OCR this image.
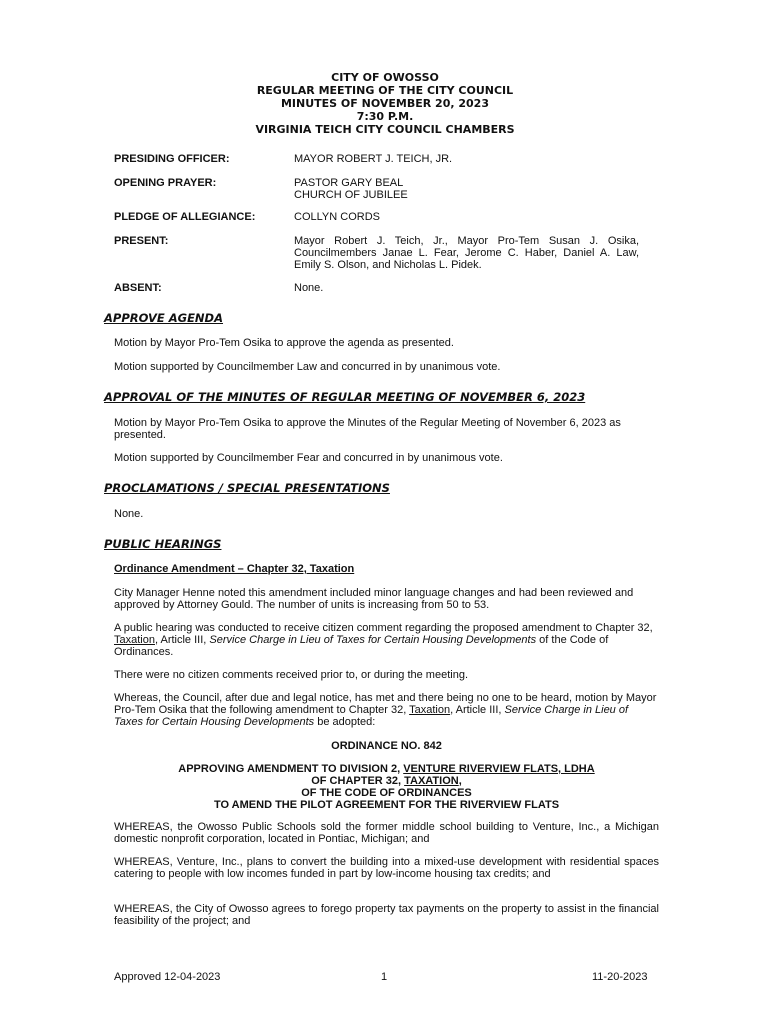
CITY OF OWOSSO
REGULAR MEETING OF THE CITY COUNCIL
MINUTES OF NOVEMBER 20, 2023
7:30 P.M.
VIRGINIA TEICH CITY COUNCIL CHAMBERS
PRESIDING OFFICER:	MAYOR ROBERT J. TEICH, JR.
OPENING PRAYER:	PASTOR GARY BEAL
CHURCH OF JUBILEE
PLEDGE OF ALLEGIANCE:	COLLYN CORDS
PRESENT:	Mayor Robert J. Teich, Jr., Mayor Pro-Tem Susan J. Osika, Councilmembers Janae L. Fear, Jerome C. Haber, Daniel A. Law, Emily S. Olson, and Nicholas L. Pidek.
ABSENT:	None.
APPROVE AGENDA
Motion by Mayor Pro-Tem Osika to approve the agenda as presented.
Motion supported by Councilmember Law and concurred in by unanimous vote.
APPROVAL OF THE MINUTES OF REGULAR MEETING OF NOVEMBER 6, 2023
Motion by Mayor Pro-Tem Osika to approve the Minutes of the Regular Meeting of November 6, 2023 as presented.
Motion supported by Councilmember Fear and concurred in by unanimous vote.
PROCLAMATIONS / SPECIAL PRESENTATIONS
None.
PUBLIC HEARINGS
Ordinance Amendment – Chapter 32, Taxation
City Manager Henne noted this amendment included minor language changes and had been reviewed and approved by Attorney Gould. The number of units is increasing from 50 to 53.
A public hearing was conducted to receive citizen comment regarding the proposed amendment to Chapter 32, Taxation, Article III, Service Charge in Lieu of Taxes for Certain Housing Developments of the Code of Ordinances.
There were no citizen comments received prior to, or during the meeting.
Whereas, the Council, after due and legal notice, has met and there being no one to be heard, motion by Mayor Pro-Tem Osika that the following amendment to Chapter 32, Taxation, Article III, Service Charge in Lieu of Taxes for Certain Housing Developments be adopted:
ORDINANCE NO. 842
APPROVING AMENDMENT TO DIVISION 2, VENTURE RIVERVIEW FLATS, LDHA
OF CHAPTER 32, TAXATION,
OF THE CODE OF ORDINANCES
TO AMEND THE PILOT AGREEMENT FOR THE RIVERVIEW FLATS
WHEREAS, the Owosso Public Schools sold the former middle school building to Venture, Inc., a Michigan domestic nonprofit corporation, located in Pontiac, Michigan; and
WHEREAS, Venture, Inc., plans to convert the building into a mixed-use development with residential spaces catering to people with low incomes funded in part by low-income housing tax credits; and
WHEREAS, the City of Owosso agrees to forego property tax payments on the property to assist in the financial feasibility of the project; and
Approved 12-04-2023	1	11-20-2023
